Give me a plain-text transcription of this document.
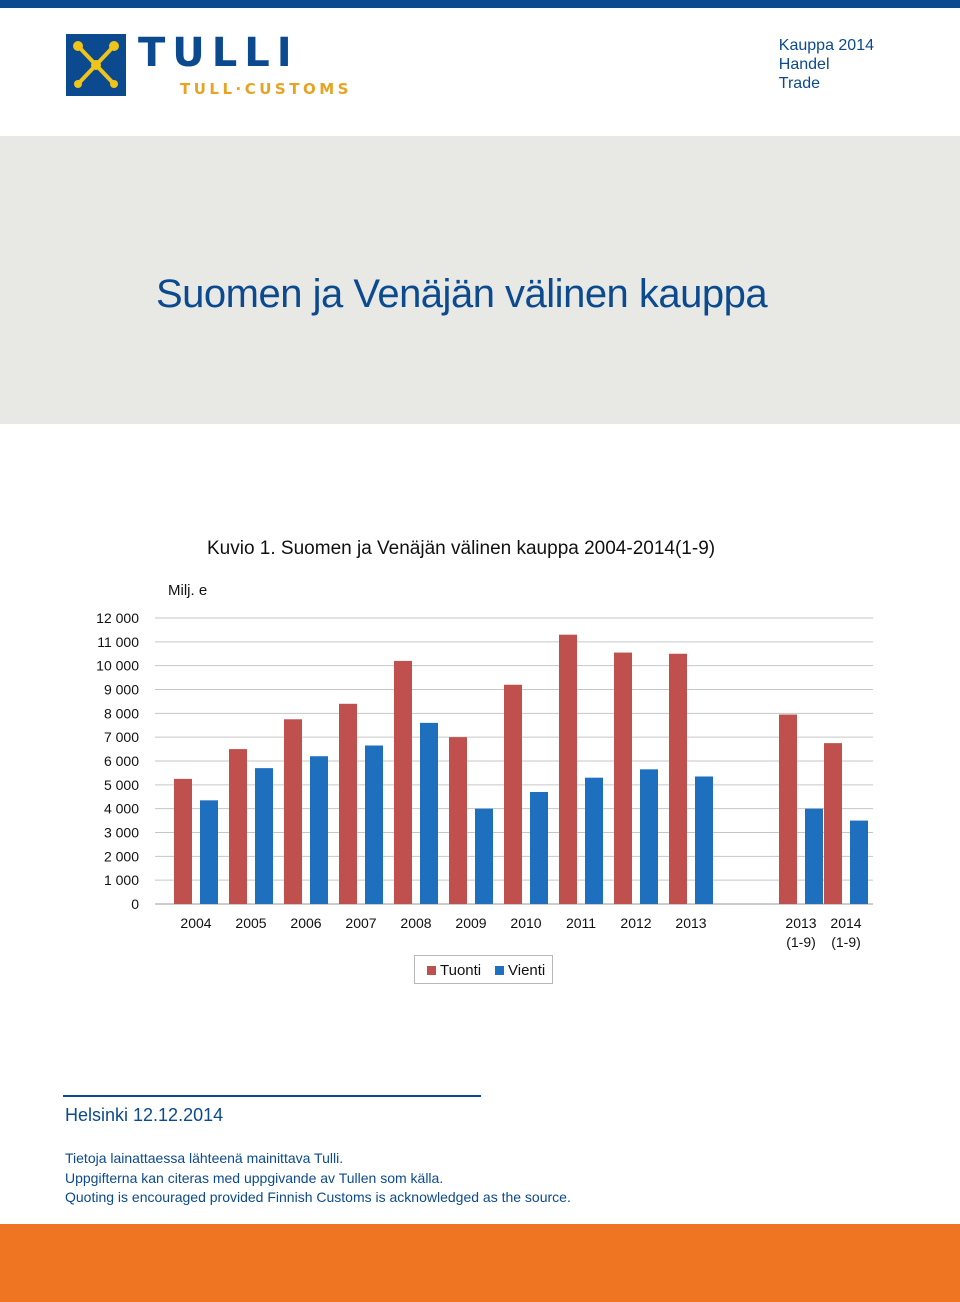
TULLI
TULL·CUSTOMS
Kauppa 2014
Handel
Trade
Suomen ja Venäjän välinen kauppa
Kuvio 1. Suomen ja Venäjän välinen kauppa 2004-2014(1-9)
Milj. e
0
1 000
2 000
3 000
4 000
5 000
6 000
7 000
8 000
9 000
10 000
11 000
12 000
2004 2005 2006 2007 2008 2009 2010 2011 2012 2013	2013
(1-9)
2014
(1-9)
Tuonti	Vienti
Helsinki 12.12.2014
Tietoja lainattaessa lähteenä mainittava Tulli.
Uppgifterna kan citeras med uppgivande av Tullen som källa.
Quoting is encouraged provided Finnish Customs is acknowledged as the source.
